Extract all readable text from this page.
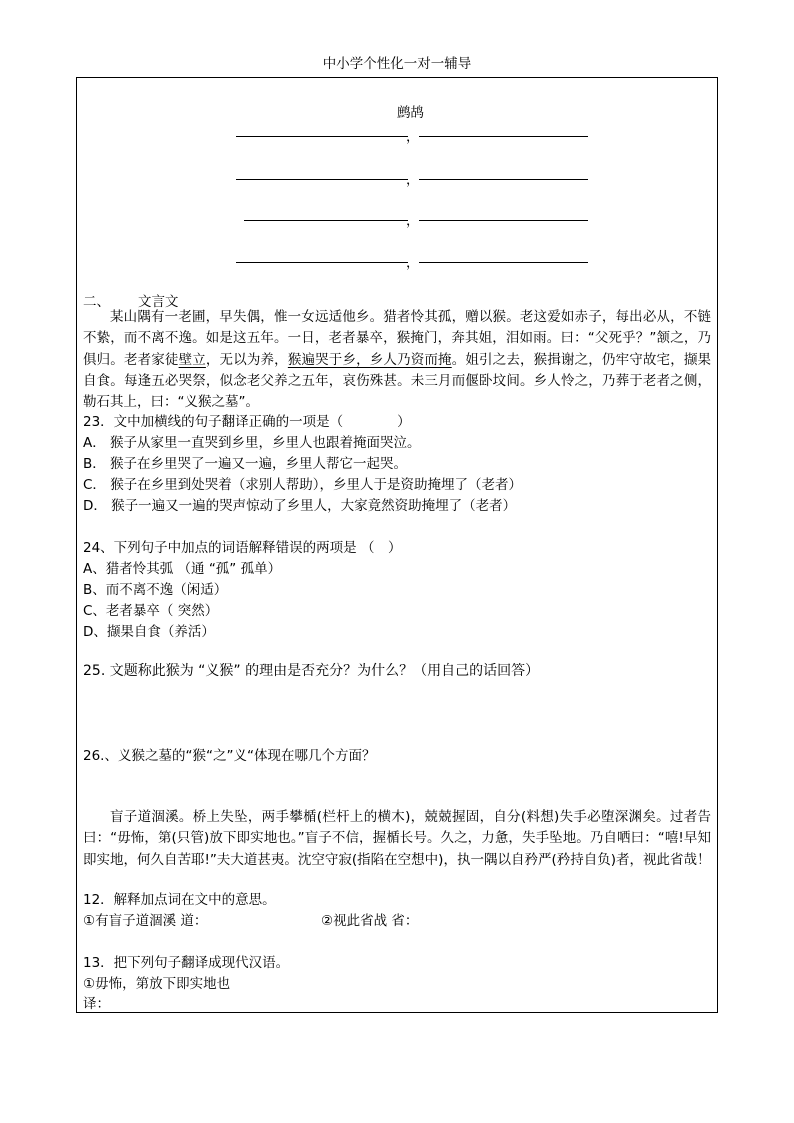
中小学个性化一对一辅导
鹧鸪
，
，
，
，
二、 文言文
某山隅有一老圃，早失偶，惟一女远适他乡。猎者怜其孤，赠以猴。老这爱如赤子，每出必从，不链不絷，而不离不逸。如是这五年。一日，老者暴卒，猴掩门，奔其姐，泪如雨。曰：“父死乎？”颔之，乃俱归。老者家徒壁立，无以为养，猴遍哭于乡，乡人乃资而掩。姐引之去，猴揖谢之，仍牢守故宅，撷果自食。每逢五必哭祭，似念老父养之五年，哀伤殊甚。未三月而偃卧坟间。乡人怜之，乃葬于老者之侧，勒石其上，曰：“义猴之墓”。
23．文中加横线的句子翻译正确的一项是（　　　　）
A． 猴子从家里一直哭到乡里，乡里人也跟着掩面哭泣。
B． 猴子在乡里哭了一遍又一遍，乡里人帮它一起哭。
C． 猴子在乡里到处哭着（求别人帮助），乡里人于是资助掩埋了（老者）
D． 猴子一遍又一遍的哭声惊动了乡里人，大家竟然资助掩埋了（老者）
24、下列句子中加点的词语解释错误的两项是 （　）
A、猎者怜其弧 （通 “孤” 孤单）
B、而不离不逸（闲适）
C、老者暴卒（ 突然）
D、撷果自食（养活）
25. 文题称此猴为 “义猴” 的理由是否充分？为什么？（用自己的话回答）
26.、义猴之墓的“猴“之”义“体现在哪几个方面？
盲子道涸溪。桥上失坠，两手攀楯(栏杆上的横木)，兢兢握固，自分(料想)失手必堕深渊矣。过者告曰：“毋怖，第(只管)放下即实地也。”盲子不信，握楯长号。久之，力惫，失手坠地。乃自哂曰：“嘻!早知即实地，何久自苦耶!”夫大道甚夷。沈空守寂(指陷在空想中)，执一隅以自矜严(矜持自负)者，视此省哉！
12．解释加点词在文中的意思。
①有盲子道涸溪 道：	②视此省战 省：
13．把下列句子翻译成现代汉语。
①毋怖，第放下即实地也
译：
